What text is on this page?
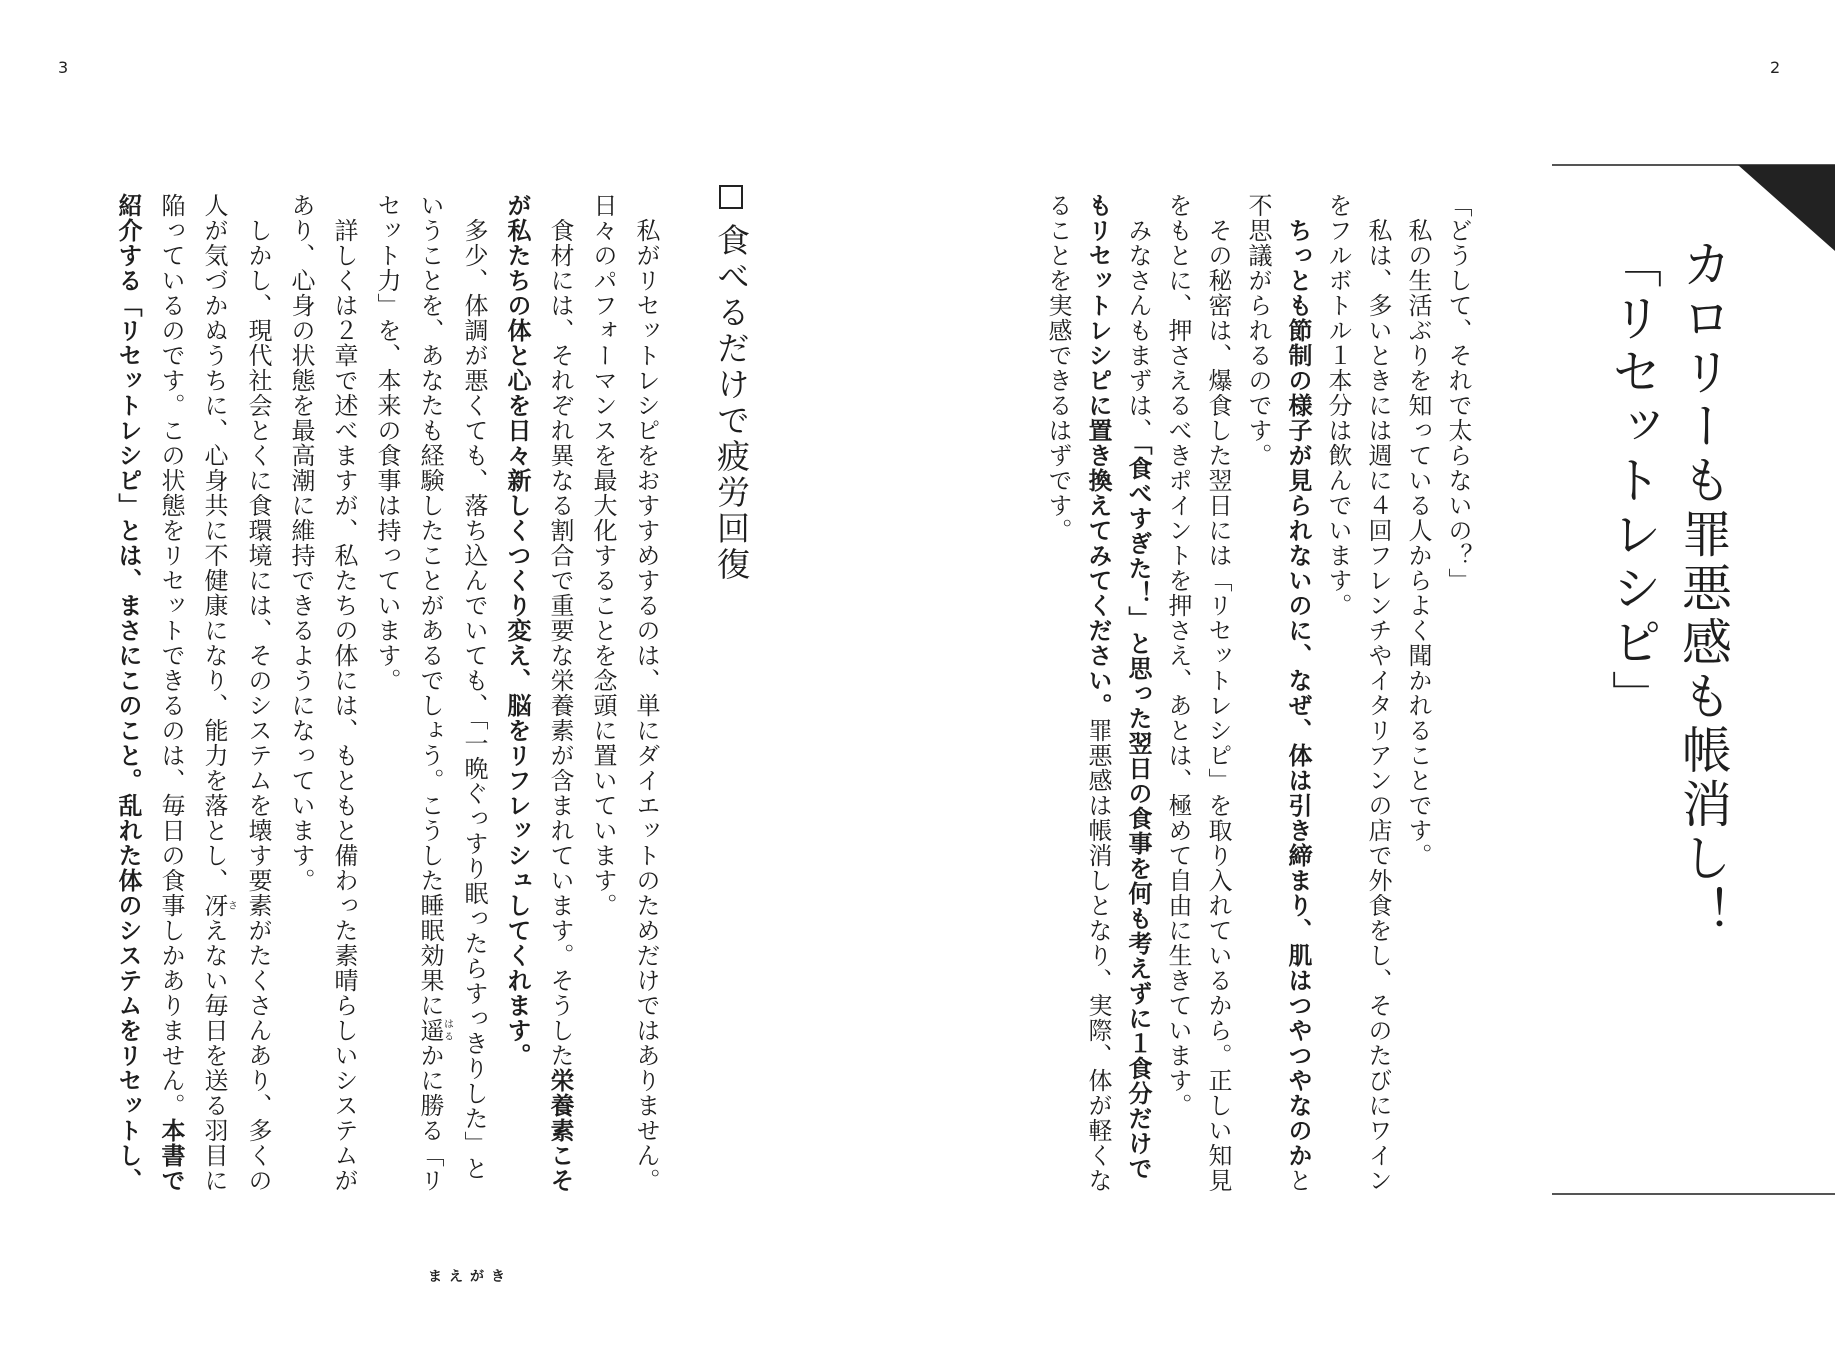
3	2
カロリーも罪悪感も帳消し！
「リセットレシピ」
「どうして、それで太らないの？」
私の生活ぶりを知っている人からよく聞かれることです。
私は、多いときには週に４回フレンチやイタリアンの店で外食をし、そのたびにワイン
をフルボトル１本分は飲んでいます。
ちっとも節制の様子が見られないのに、なぜ、体は引き締まり、肌はつやつやなのかと
不思議がられるのです。
その秘密は、爆食した翌日には「リセットレシピ」を取り入れているから。正しい知見
をもとに、押さえるべきポイントを押さえ、あとは、極めて自由に生きています。
みなさんもまずは、「食べすぎた！」と思った翌日の食事を何も考えずに１食分だけで
もリセットレシピに置き換えてみてください。罪悪感は帳消しとなり、実際、体が軽くな
ることを実感できるはずです。
食べるだけで疲労回復
私がリセットレシピをおすすめするのは、単にダイエットのためだけではありません。
日々のパフォーマンスを最大化することを念頭に置いています。
食材には、それぞれ異なる割合で重要な栄養素が含まれています。そうした栄養素こそ
が私たちの体と心を日々新しくつくり変え、脳をリフレッシュしてくれます。
多少、体調が悪くても、落ち込んでいても、「一晩ぐっすり眠ったらすっきりした」と
いうことを、あなたも経験したことがあるでしょう。こうした睡眠効果に遥はるかに勝る「リ
セット力」を、本来の食事は持っています。
詳しくは２章で述べますが、私たちの体には、もともと備わった素晴らしいシステムが
あり、心身の状態を最高潮に維持できるようになっています。
しかし、現代社会とくに食環境には、そのシステムを壊す要素がたくさんあり、多くの
人が気づかぬうちに、心身共に不健康になり、能力を落とし、冴さえない毎日を送る羽目に
陥っているのです。この状態をリセットできるのは、毎日の食事しかありません。本書で
紹介する「リセットレシピ」とは、まさにこのこと。乱れた体のシステムをリセットし、
まえがき
